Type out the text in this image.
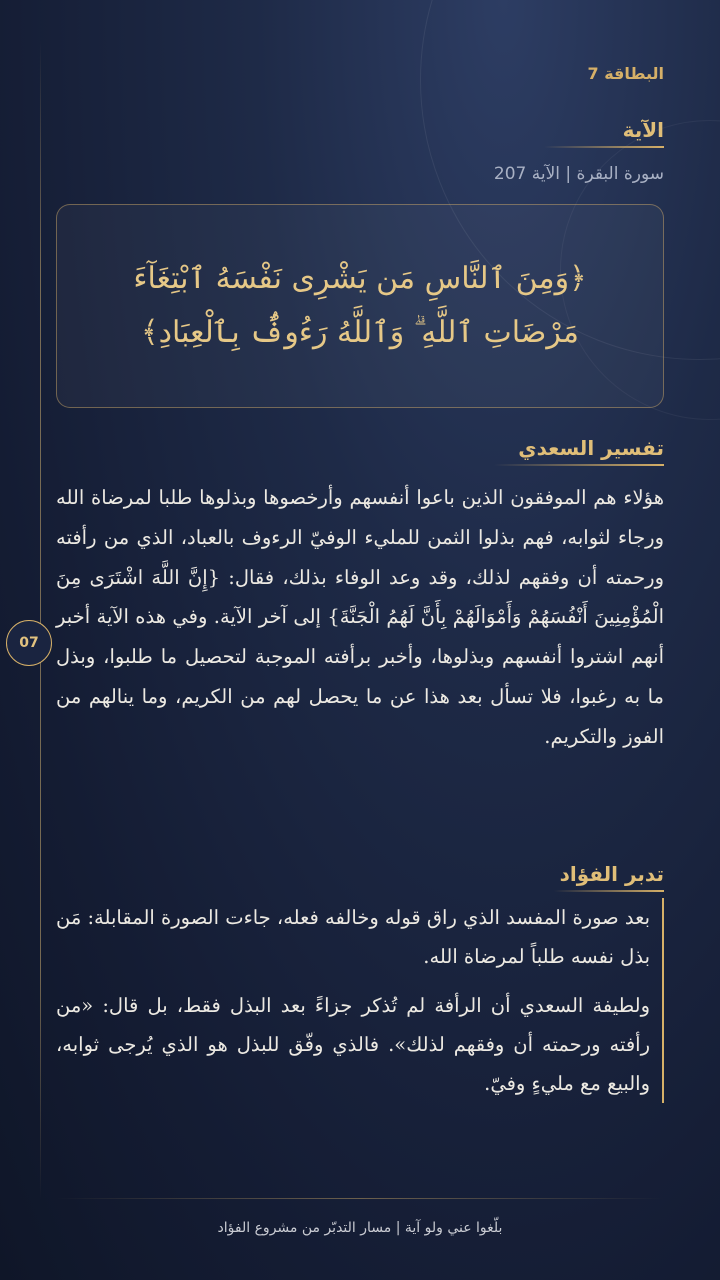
07
البطاقة 7
الآية
سورة البقرة | الآية 207
﴿وَمِنَ ٱلنَّاسِ مَن يَشْرِى نَفْسَهُ ٱبْتِغَآءَ مَرْضَاتِ ٱللَّهِ ۗ وَٱللَّهُ رَءُوفٌۢ بِٱلْعِبَادِ﴾
تفسير السعدي
هؤلاء هم الموفقون الذين باعوا أنفسهم وأرخصوها وبذلوها طلبا لمرضاة الله ورجاء لثوابه، فهم بذلوا الثمن للمليء الوفيّ الرءوف بالعباد، الذي من رأفته ورحمته أن وفقهم لذلك، وقد وعد الوفاء بذلك، فقال: {إِنَّ اللَّهَ اشْتَرَى مِنَ الْمُؤْمِنِينَ أَنْفُسَهُمْ وَأَمْوَالَهُمْ بِأَنَّ لَهُمُ الْجَنَّةَ} إلى آخر الآية. وفي هذه الآية أخبر أنهم اشتروا أنفسهم وبذلوها، وأخبر برأفته الموجبة لتحصيل ما طلبوا، وبذل ما به رغبوا، فلا تسأل بعد هذا عن ما يحصل لهم من الكريم، وما ينالهم من الفوز والتكريم.
تدبر الفؤاد

بعد صورة المفسد الذي راق قوله وخالفه فعله، جاءت الصورة المقابلة: مَن بذل نفسه طلباً لمرضاة الله.

ولطيفة السعدي أن الرأفة لم تُذكر جزاءً بعد البذل فقط، بل قال: «من رأفته ورحمته أن وفقهم لذلك». فالذي وفّق للبذل هو الذي يُرجى ثوابه، والبيع مع مليءٍ وفيّ.

بلّغوا عني ولو آية | مسار التدبّر من مشروع الفؤاد
